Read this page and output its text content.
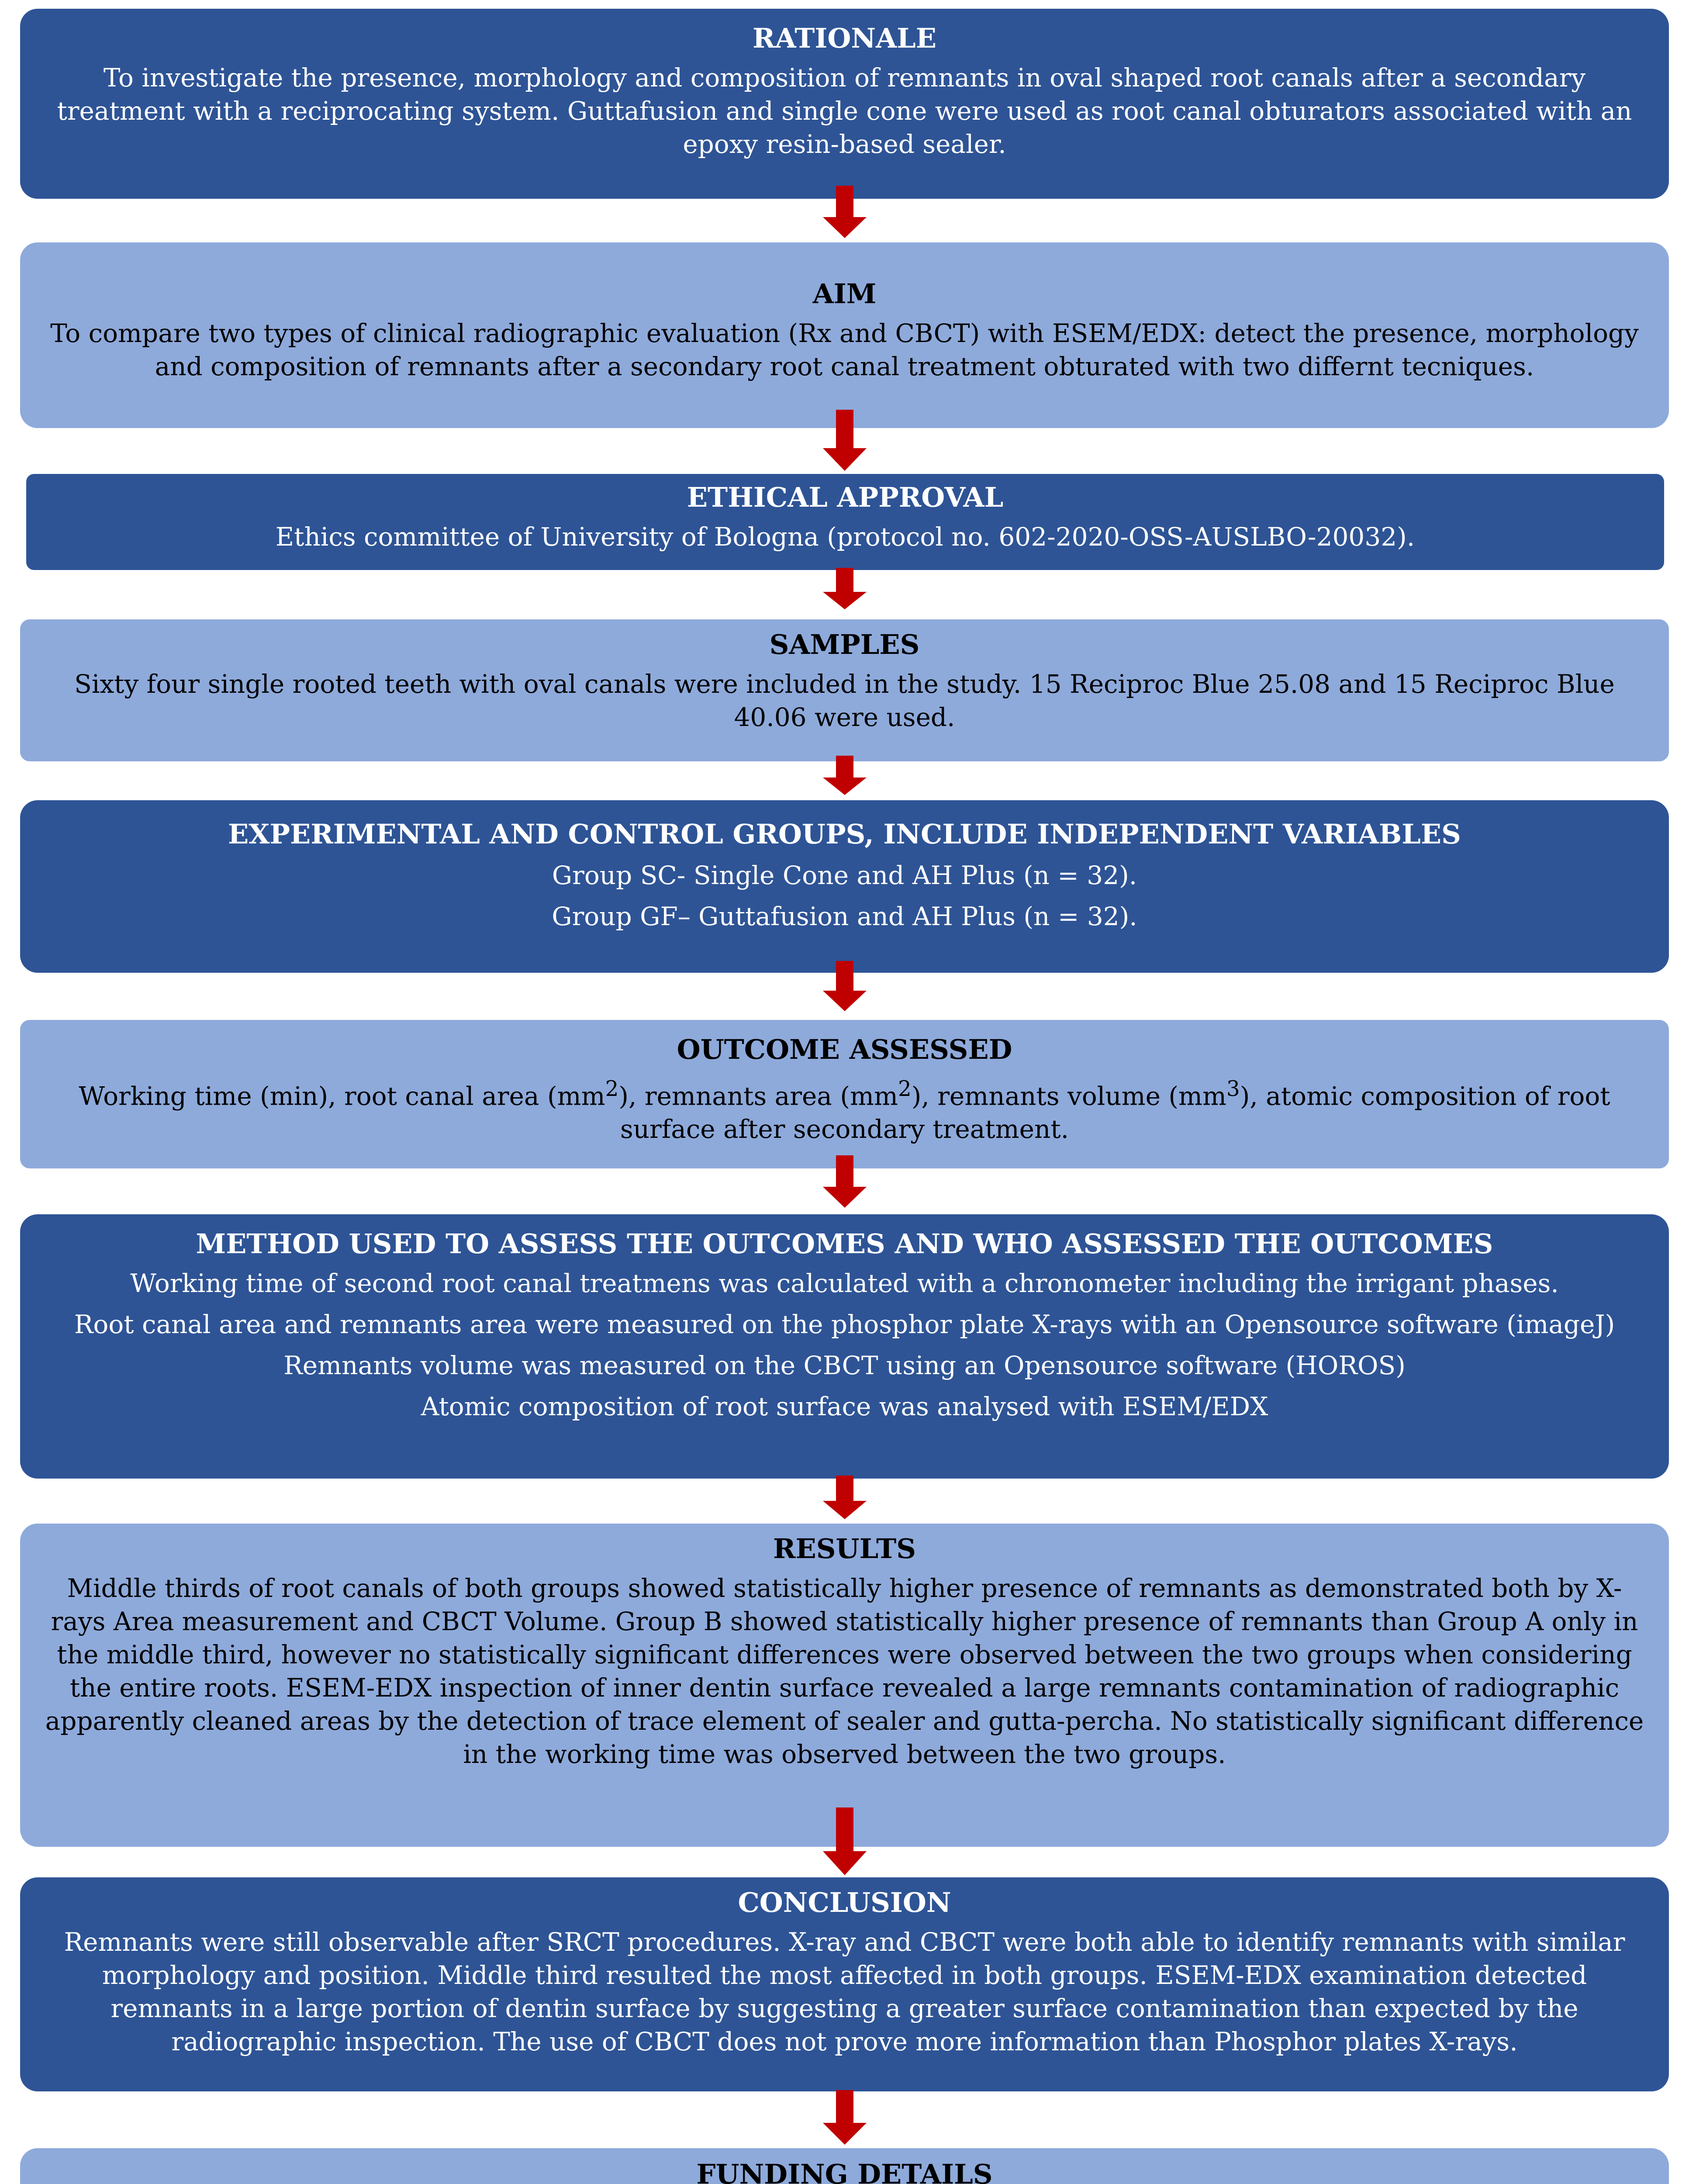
RATIONALE

To investigate the presence, morphology and composition of remnants in oval shaped root canals after a secondary treatment with a reciprocating system. Guttafusion and single cone were used as root canal obturators associated with an epoxy resin-based sealer.

AIM

To compare two types of clinical radiographic evaluation (Rx and CBCT) with ESEM/EDX: detect the presence, morphology and composition of remnants after a secondary root canal treatment obturated with two differnt tecniques.

ETHICAL APPROVAL

Ethics committee of University of Bologna (protocol no. 602-2020-OSS-AUSLBO-20032).

SAMPLES

Sixty four single rooted teeth with oval canals were included in the study. 15 Reciproc Blue 25.08 and 15 Reciproc Blue 40.06 were used.

EXPERIMENTAL AND CONTROL GROUPS, INCLUDE INDEPENDENT VARIABLES

Group SC- Single Cone and AH Plus (n = 32).

Group GF– Guttafusion and AH Plus (n = 32).

OUTCOME ASSESSED

Working time (min), root canal area $(mm^2)$, remnants area $(mm^2)$, remnants volume $(mm^3)$, atomic composition of root surface after secondary treatment.

METHOD USED TO ASSESS THE OUTCOMES AND WHO ASSESSED THE OUTCOMES

Working time of second root canal treatmens was calculated with a chronometer including the irrigant phases.

Root canal area and remnants area were measured on the phosphor plate X-rays with an Opensource software (imageJ)

Remnants volume was measured on the CBCT using an Opensource software (HOROS)

Atomic composition of root surface was analysed with ESEM/EDX

RESULTS

Middle thirds of root canals of both groups showed statistically higher presence of remnants as demonstrated both by X-rays Area measurement and CBCT Volume. Group B showed statistically higher presence of remnants than Group A only in the middle third, however no statistically significant differences were observed between the two groups when considering the entire roots. ESEM-EDX inspection of inner dentin surface revealed a large remnants contamination of radiographic apparently cleaned areas by the detection of trace element of sealer and gutta-percha. No statistically significant difference in the working time was observed between the two groups.

CONCLUSION

Remnants were still observable after SRCT procedures. X-ray and CBCT were both able to identify remnants with similar morphology and position. Middle third resulted the most affected in both groups. ESEM-EDX examination detected remnants in a large portion of dentin surface by suggesting a greater surface contamination than expected by the radiographic inspection. The use of CBCT does not prove more information than Phosphor plates X-rays.

FUNDING DETAILS
